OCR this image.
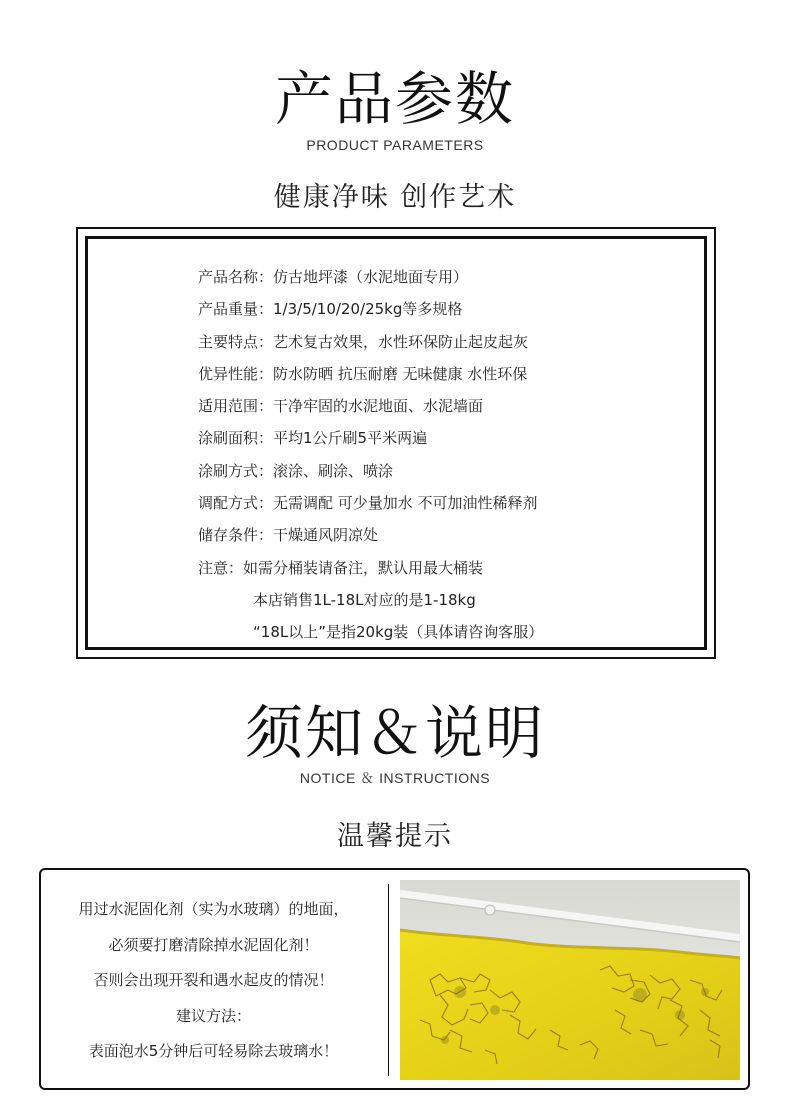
产品参数
PRODUCT PARAMETERS
健康净味 创作艺术
产品名称：仿古地坪漆（水泥地面专用）
产品重量：1/3/5/10/20/25kg等多规格
主要特点：艺术复古效果，水性环保防止起皮起灰
优异性能：防水防晒 抗压耐磨 无味健康 水性环保
适用范围：干净牢固的水泥地面、水泥墙面
涂刷面积：平均1公斤刷5平米两遍
涂刷方式：滚涂、刷涂、喷涂
调配方式：无需调配 可少量加水 不可加油性稀释剂
储存条件：干燥通风阴凉处
注意：如需分桶装请备注，默认用最大桶装
本店销售1L-18L对应的是1-18kg
“18L以上”是指20kg装（具体请咨询客服）
须知＆说明
NOTICE ＆ INSTRUCTIONS
温馨提示
用过水泥固化剂（实为水玻璃）的地面，
必须要打磨清除掉水泥固化剂！
否则会出现开裂和遇水起皮的情况！
建议方法：
表面泡水5分钟后可轻易除去玻璃水！
